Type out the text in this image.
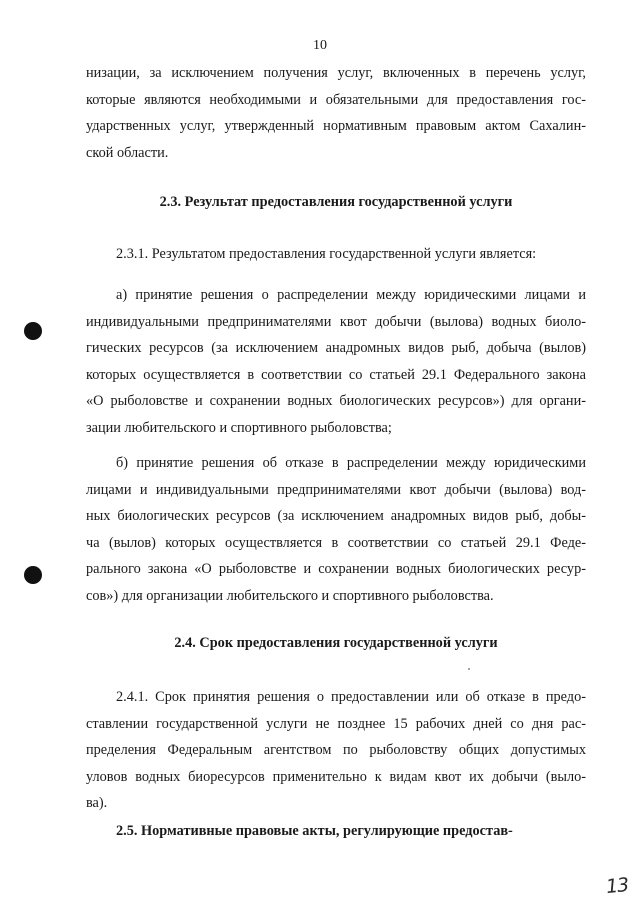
10
низации, за исключением получения услуг, включенных в перечень услуг,
которые являются необходимыми и обязательными для предоставления гос-
ударственных услуг, утвержденный нормативным правовым актом Сахалин-
ской области.
2.3. Результат предоставления государственной услуги
2.3.1. Результатом предоставления государственной услуги является:
а) принятие решения о распределении между юридическими лицами и
индивидуальными предпринимателями квот добычи (вылова) водных биоло-
гических ресурсов (за исключением анадромных видов рыб, добыча (вылов)
которых осуществляется в соответствии со статьей 29.1 Федерального закона
«О рыболовстве и сохранении водных биологических ресурсов») для органи-
зации любительского и спортивного рыболовства;
б) принятие решения об отказе в распределении между юридическими
лицами и индивидуальными предпринимателями квот добычи (вылова) вод-
ных биологических ресурсов (за исключением анадромных видов рыб, добы-
ча (вылов) которых осуществляется в соответствии со статьей 29.1 Феде-
рального закона «О рыболовстве и сохранении водных биологических ресур-
сов») для организации любительского и спортивного рыболовства.
2.4. Срок предоставления государственной услуги
2.4.1. Срок принятия решения о предоставлении или об отказе в предо-
ставлении государственной услуги не позднее 15 рабочих дней со дня рас-
пределения Федеральным агентством по рыболовству общих допустимых
уловов водных биоресурсов применительно к видам квот их добычи (выло-
ва).
2.5. Нормативные правовые акты, регулирующие предостав-
13
